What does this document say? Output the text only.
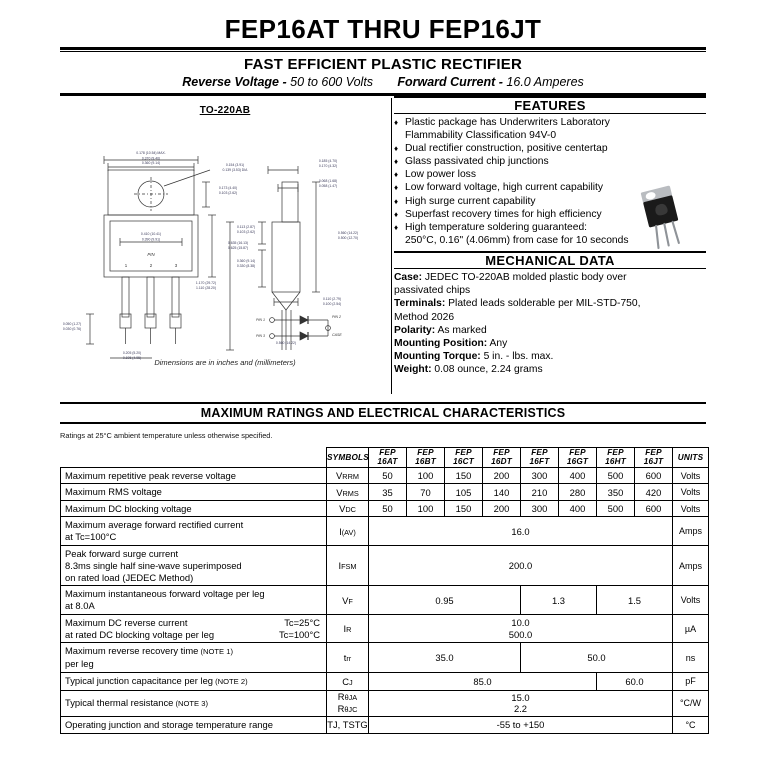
FEP16AT THRU FEP16JT
FAST EFFICIENT PLASTIC RECTIFIER
Reverse Voltage - 50 to 600 Volts Forward Current - 16.0 Amperes
TO-220AB
0.178 (10.54) MAX.
0.370 (9.40)
0.360 (9.14)	0.154 (3.91)
0.139 (3.53) DIA
0.173 (4.40)
0.103 (2.62)
0.410 (10.41)
0.390 (9.91)
0.635 (16.13)
0.625 (15.87)
0.050 (1.27)
0.030 (0.76)
0.205 (5.20)
0.195 (4.95)
0.185 (4.70)
0.170 (4.32)
0.068 (1.68)
0.058 (1.47)
0.113 (2.87)
0.103 (2.62)
0.360 (9.14)
0.330 (8.38)
1.170 (29.72)
1.110 (28.20)
0.560 (14.22)
0.500 (12.70)
0.110 (2.79)
0.100 (2.54)
0.560 (14.22)
PIN
1	2	3
PIN 1
PIN 3
PIN 2
CASE
Dimensions are in inches and (millimeters)
FEATURES
♦ Plastic package has Underwriters Laboratory
Flammability Classification 94V-0
♦ Dual rectifier construction, positive centertap
♦ Glass passivated chip junctions
♦ Low power loss
♦ Low forward voltage, high current capability
♦ High surge current capability
♦ Superfast recovery times for high efficiency
♦ High temperature soldering guaranteed:
250°C, 0.16" (4.06mm) from case for 10 seconds
MECHANICAL DATA
Case: JEDEC TO-220AB molded plastic body over
passivated chips
Terminals: Plated leads solderable per MIL-STD-750,
Method 2026
Polarity: As marked
Mounting Position: Any
Mounting Torque: 5 in. - lbs. max.
Weight: 0.08 ounce, 2.24 grams
MAXIMUM RATINGS AND ELECTRICAL CHARACTERISTICS
Ratings at 25°C ambient temperature unless otherwise specified.
	SYMBOLS	FEP
16AT	FEP
16BT	FEP
16CT	FEP
16DT	FEP
16FT	FEP
16GT	FEP
16HT	FEP
16JT	UNITS
Maximum repetitive peak reverse voltage	VRRM	50	100	150	200	300	400	500	600	Volts
Maximum RMS voltage	VRMS	35	70	105	140	210	280	350	420	Volts
Maximum DC blocking voltage	VDC	50	100	150	200	300	400	500	600	Volts
Maximum average forward rectified current
at Tc=100°C	I(AV)	16.0								Amps
Peak forward surge current
8.3ms single half sine-wave superimposed
on rated load (JEDEC Method)	IFSM	200.0								Amps
Maximum instantaneous forward voltage per leg
at 8.0A	VF	0.95				1.3		1.5		Volts
Maximum DC reverse current Tc=25°C

at rated DC blocking voltage per leg Tc=100°C	IR	10.0
500.0								µA
Maximum reverse recovery time (NOTE 1)
per leg	trr	35.0				50.0				ns
Typical junction capacitance per leg (NOTE 2)	CJ	85.0						60.0		pF
Typical thermal resistance (NOTE 3)	RθJA
RθJC	15.0
2.2								°C/W
Operating junction and storage temperature range	TJ, TSTG	-55 to +150								°C
